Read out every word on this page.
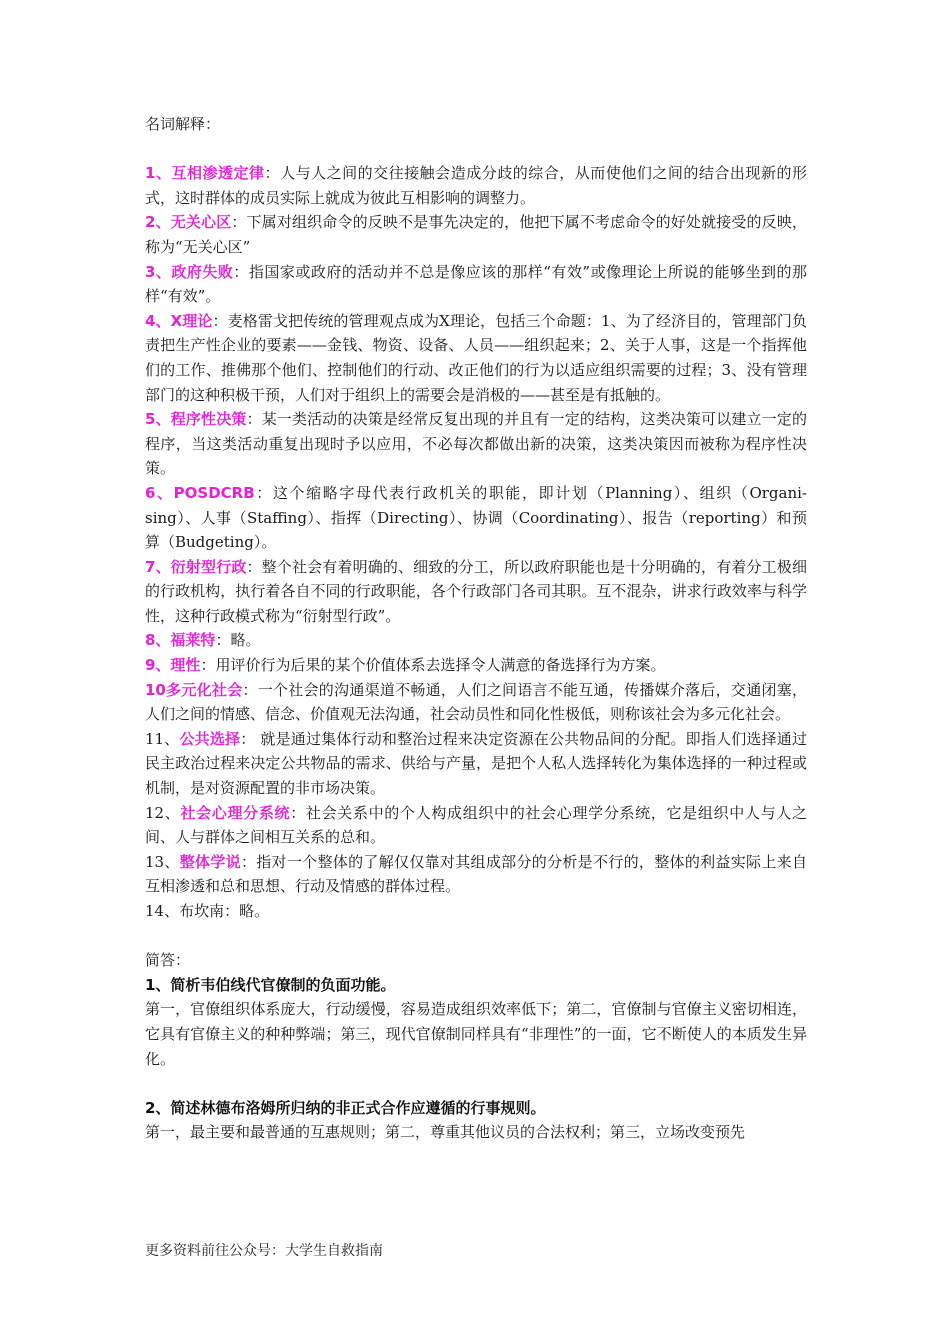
名词解释：

1、互相渗透定律：人与人之间的交往接触会造成分歧的综合，从而使他们之间的结合出现新的形式，这时群体的成员实际上就成为彼此互相影响的调整力。

2、无关心区：下属对组织命令的反映不是事先决定的，他把下属不考虑命令的好处就接受的反映，称为“无关心区”

3、政府失败：指国家或政府的活动并不总是像应该的那样“有效”或像理论上所说的能够坐到的那样“有效”。

4、X理论：麦格雷戈把传统的管理观点成为X理论，包括三个命题：1、为了经济目的，管理部门负责把生产性企业的要素——金钱、物资、设备、人员——组织起来；2、关于人事，这是一个指挥他们的工作、推佛那个他们、控制他们的行动、改正他们的行为以适应组织需要的过程；3、没有管理部门的这种积极干预，人们对于组织上的需要会是消极的——甚至是有抵触的。

5、程序性决策：某一类活动的决策是经常反复出现的并且有一定的结构，这类决策可以建立一定的程序，当这类活动重复出现时予以应用，不必每次都做出新的决策，这类决策因而被称为程序性决策。

6、POSDCRB：这个缩略字母代表行政机关的职能，即计划（Planning）、组织（Organi-sing）、人事（Staffing）、指挥（Directing）、协调（Coordinating）、报告（reporting）和预算（Budgeting）。

7、衍射型行政：整个社会有着明确的、细致的分工，所以政府职能也是十分明确的，有着分工极细的行政机构，执行着各自不同的行政职能，各个行政部门各司其职。互不混杂，讲求行政效率与科学性，这种行政模式称为“衍射型行政”。

8、福莱特：略。

9、理性：用评价行为后果的某个价值体系去选择令人满意的备选择行为方案。

10多元化社会：一个社会的沟通渠道不畅通，人们之间语言不能互通，传播媒介落后，交通闭塞，人们之间的情感、信念、价值观无法沟通，社会动员性和同化性极低，则称该社会为多元化社会。

11、公共选择： 就是通过集体行动和整治过程来决定资源在公共物品间的分配。即指人们选择通过民主政治过程来决定公共物品的需求、供给与产量，是把个人私人选择转化为集体选择的一种过程或机制，是对资源配置的非市场决策。

12、社会心理分系统：社会关系中的个人构成组织中的社会心理学分系统，它是组织中人与人之间、人与群体之间相互关系的总和。

13、整体学说：指对一个整体的了解仅仅靠对其组成部分的分析是不行的，整体的利益实际上来自互相渗透和总和思想、行动及情感的群体过程。

14、布坎南：略。

简答：

1、简析韦伯线代官僚制的负面功能。

第一，官僚组织体系庞大，行动缓慢，容易造成组织效率低下；第二，官僚制与官僚主义密切相连，它具有官僚主义的种种弊端；第三，现代官僚制同样具有“非理性”的一面，它不断使人的本质发生异化。

2、简述林德布洛姆所归纳的非正式合作应遵循的行事规则。

第一，最主要和最普通的互惠规则；第二，尊重其他议员的合法权利；第三，立场改变预先

更多资料前往公众号：大学生自救指南
